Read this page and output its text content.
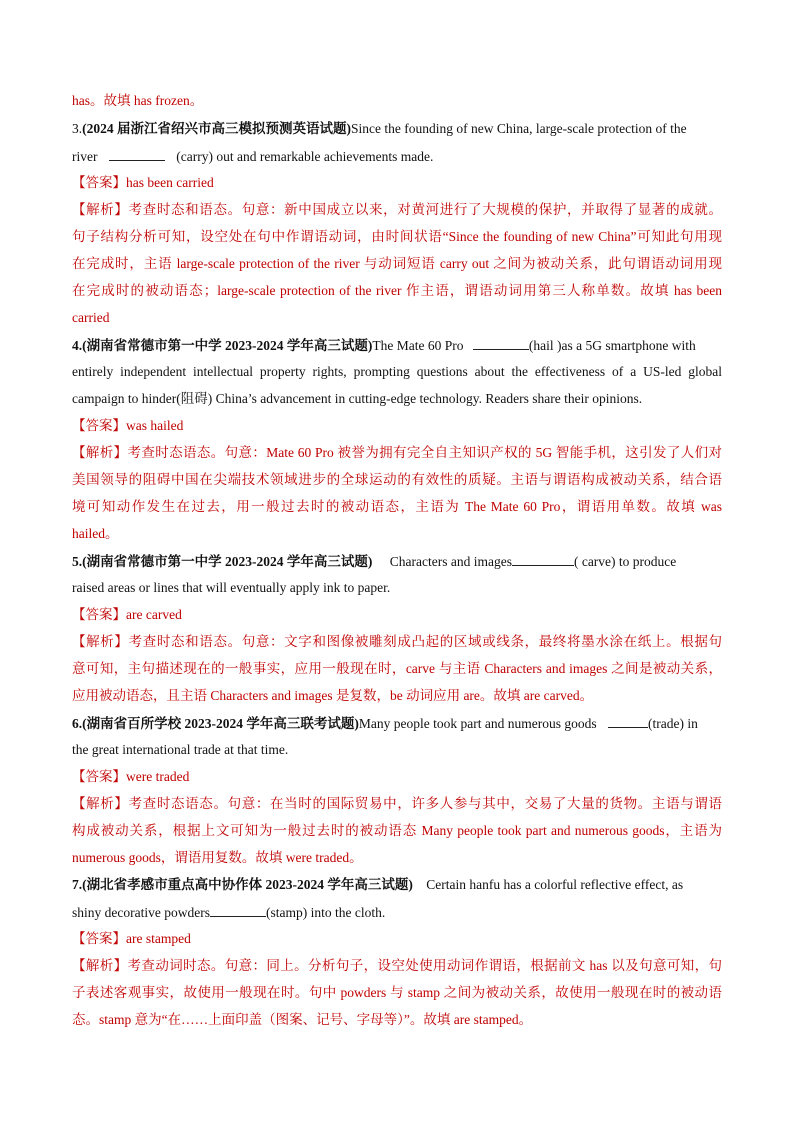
has。故填 has frozen。
3.(2024 届浙江省绍兴市高三模拟预测英语试题)Since the founding of new China, large-scale protection of the
river	(carry) out and remarkable achievements made.
【答案】has been carried
【解析】考查时态和语态。句意：新中国成立以来，对黄河进行了大规模的保护，并取得了显著的成就。
句子结构分析可知，设空处在句中作谓语动词，由时间状语“Since the founding of new China”可知此句用现
在完成时，主语 large-scale protection of the river 与动词短语 carry out 之间为被动关系，此句谓语动词用现
在完成时的被动语态；large-scale protection of the river 作主语，谓语动词用第三人称单数。故填 has been
carried
4.(湖南省常德市第一中学 2023-2024 学年高三试题)The Mate 60 Pro	(hail )as a 5G smartphone with
entirely independent intellectual property rights, prompting questions about the effectiveness of a US-led global
campaign to hinder(阻碍) China’s advancement in cutting-edge technology. Readers share their opinions.
【答案】was hailed
【解析】考查时态语态。句意：Mate 60 Pro 被誉为拥有完全自主知识产权的 5G 智能手机，这引发了人们对
美国领导的阻碍中国在尖端技术领域进步的全球运动的有效性的质疑。主语与谓语构成被动关系，结合语
境可知动作发生在过去，用一般过去时的被动语态，主语为 The Mate 60 Pro，谓语用单数。故填 was
hailed。
5.(湖南省常德市第一中学 2023-2024 学年高三试题) Characters and images	( carve) to produce
raised areas or lines that will eventually apply ink to paper.
【答案】are carved
【解析】考查时态和语态。句意：文字和图像被雕刻成凸起的区域或线条，最终将墨水涂在纸上。根据句
意可知，主句描述现在的一般事实，应用一般现在时，carve 与主语 Characters and images 之间是被动关系，
应用被动语态，且主语 Characters and images 是复数，be 动词应用 are。故填 are carved。
6.(湖南省百所学校 2023-2024 学年高三联考试题)Many people took part and numerous goods	(trade) in
the great international trade at that time.
【答案】were traded
【解析】考查时态语态。句意：在当时的国际贸易中，许多人参与其中，交易了大量的货物。主语与谓语
构成被动关系，根据上文可知为一般过去时的被动语态 Many people took part and numerous goods，主语为
numerous goods，谓语用复数。故填 were traded。
7.(湖北省孝感市重点高中协作体 2023-2024 学年高三试题) Certain hanfu has a colorful reflective effect, as
shiny decorative powders	(stamp) into the cloth.
【答案】are stamped
【解析】考查动词时态。句意：同上。分析句子，设空处使用动词作谓语，根据前文 has 以及句意可知，句
子表述客观事实，故使用一般现在时。句中 powders 与 stamp 之间为被动关系，故使用一般现在时的被动语
态。stamp 意为“在……上面印盖（图案、记号、字母等）”。故填 are stamped。
